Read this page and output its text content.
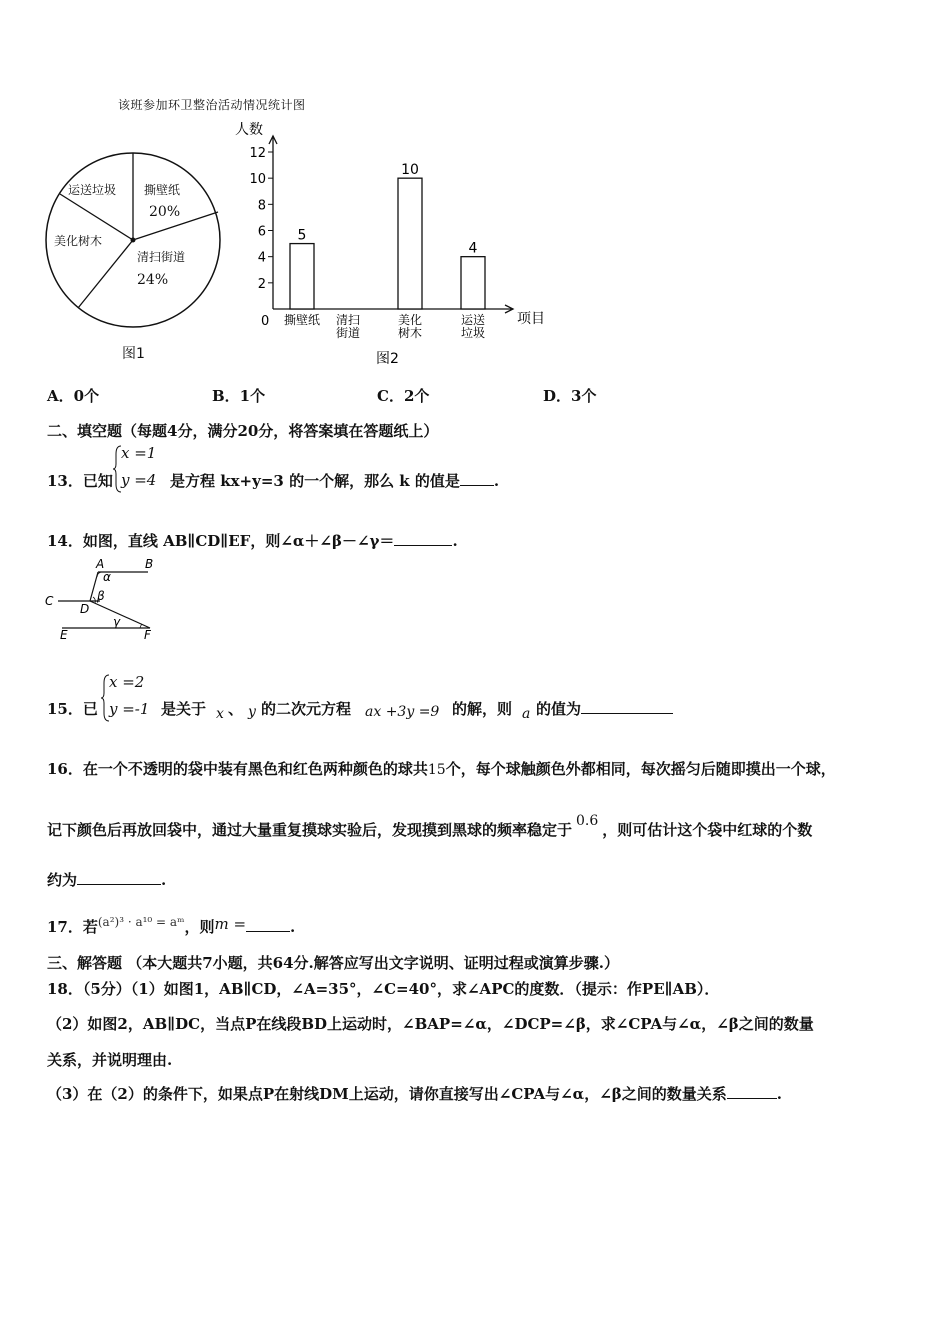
该班参加环卫整治活动情况统计图
运送垃圾 撕壁纸
20%
美化树木
清扫街道
24%
图1
人数
项目
0
图2
2
4
6
8
10
12
撕壁纸
5
清扫
街道
美化
树木
10
运送
垃圾
4
A．0个	B．1个	C．2个	D．3个
二、填空题（每题4分，满分20分，将答案填在答题纸上）
13．已知
x =1
y =4 是方程 kx+y=3 的一个解，那么 k 的值是 .
14．如图，直线 AB∥CD∥EF，则∠α＋∠β－∠γ＝	.
A	B
α
C	β
D
γ
E	F
15．已
x =2
y =-1 是关于 x 、 y 的二次元方程 ax +3y =9 的解，则 a 的值为
16．在一个不透明的袋中装有黑色和红色两种颜色的球共15个，每个球触颜色外都相同，每次摇匀后随即摸出一个球，
记下颜色后再放回袋中，通过大量重复摸球实验后，发现摸到黑球的频率稳定于 0.6 ，则可估计这个袋中红球的个数
约为	.
17．若$^{(a^2)^3 \cdot a^{10} = aᵐ}$，则m =	.
三、解答题 （本大题共7小题，共64分.解答应写出文字说明、证明过程或演算步骤.）
18．（5分）（1）如图1，AB∥CD，∠A=35°，∠C=40°，求∠APC的度数．（提示：作PE∥AB）．
（2）如图2，AB∥DC，当点P在线段BD上运动时，∠BAP=∠α，∠DCP=∠β，求∠CPA与∠α，∠β之间的数量
关系，并说明理由.
（3）在（2）的条件下，如果点P在射线DM上运动，请你直接写出∠CPA与∠α，∠β之间的数量关系	.
